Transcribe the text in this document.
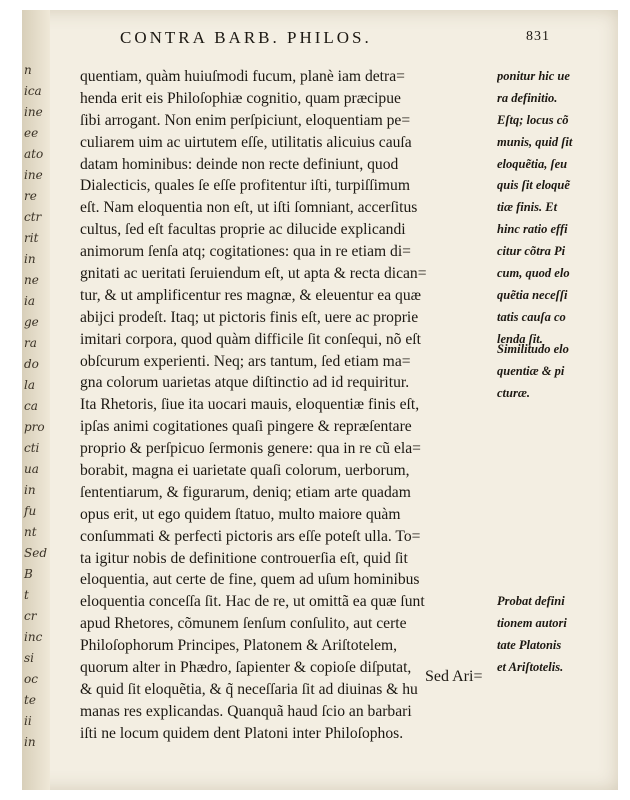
n
ica
ine
ee
ato
ine
re
ctr
rit
in
ne
ia
ge
ra
do
la
ca
pro
cti
ua
in
fu
nt
Sed
B
t
cr
inc
si
oc
te
ii
in
CONTRA BARB. PHILOS.	831
quentiam, quàm huiuſmodi fucum, planè iam detra=
henda erit eis Philoſophiæ cognitio, quam præcipue
ſibi arrogant. Non enim perſpiciunt, eloquentiam pe=
culiarem uim ac uirtutem eſſe, utilitatis alicuius cauſa
datam hominibus: deinde non recte definiunt, quod
Dialecticis, quales ſe eſſe profitentur iſti, turpiſſimum
eſt. Nam eloquentia non eſt, ut iſti ſomniant, accerſitus
cultus, ſed eſt facultas proprie ac dilucide explicandi
animorum ſenſa atq; cogitationes: qua in re etiam di=
gnitati ac ueritati ſeruiendum eſt, ut apta & recta dican=
tur, & ut amplificentur res magnæ, & eleuentur ea quæ
abijci prodeſt. Itaq; ut pictoris finis eſt, uere ac proprie
imitari corpora, quod quàm difficile ſit conſequi, nõ eſt
obſcurum experienti. Neq; ars tantum, ſed etiam ma=
gna colorum uarietas atque diſtinctio ad id requiritur.
Ita Rhetoris, ſiue ita uocari mauis, eloquentiæ finis eſt,
ipſas animi cogitationes quaſi pingere & repræſentare
proprio & perſpicuo ſermonis genere: qua in re cũ ela=
borabit, magna ei uarietate quaſi colorum, uerborum,
ſententiarum, & figurarum, deniq; etiam arte quadam
opus erit, ut ego quidem ſtatuo, multo maiore quàm
conſummati & perfecti pictoris ars eſſe poteſt ulla. To=
ta igitur nobis de definitione controuerſia eſt, quid ſit
eloquentia, aut certe de fine, quem ad uſum hominibus
eloquentia conceſſa ſit. Hac de re, ut omittã ea quæ ſunt
apud Rhetores, cõmunem ſenſum conſulito, aut certe
Philoſophorum Principes, Platonem & Ariſtotelem,
quorum alter in Phædro, ſapienter & copioſe diſputat,
& quid ſit eloquẽtia, & q̃ neceſſaria ſit ad diuinas & hu
manas res explicandas. Quanquã haud ſcio an barbari
iſti ne locum quidem dent Platoni inter Philoſophos.
ponitur hic ue
ra definitio.
Eſtq; locus cõ
munis, quid ſit
eloquẽtia, ſeu
quis ſit eloquẽ
tiæ finis. Et
hinc ratio effi
citur cõtra Pi
cum, quod elo
quẽtia neceſſi
tatis cauſa co
lenda ſit.
Similitudo elo
quentiæ & pi
cturæ.
Probat defini
tionem autori
tate Platonis
et Ariſtotelis.
Sed Ari=
